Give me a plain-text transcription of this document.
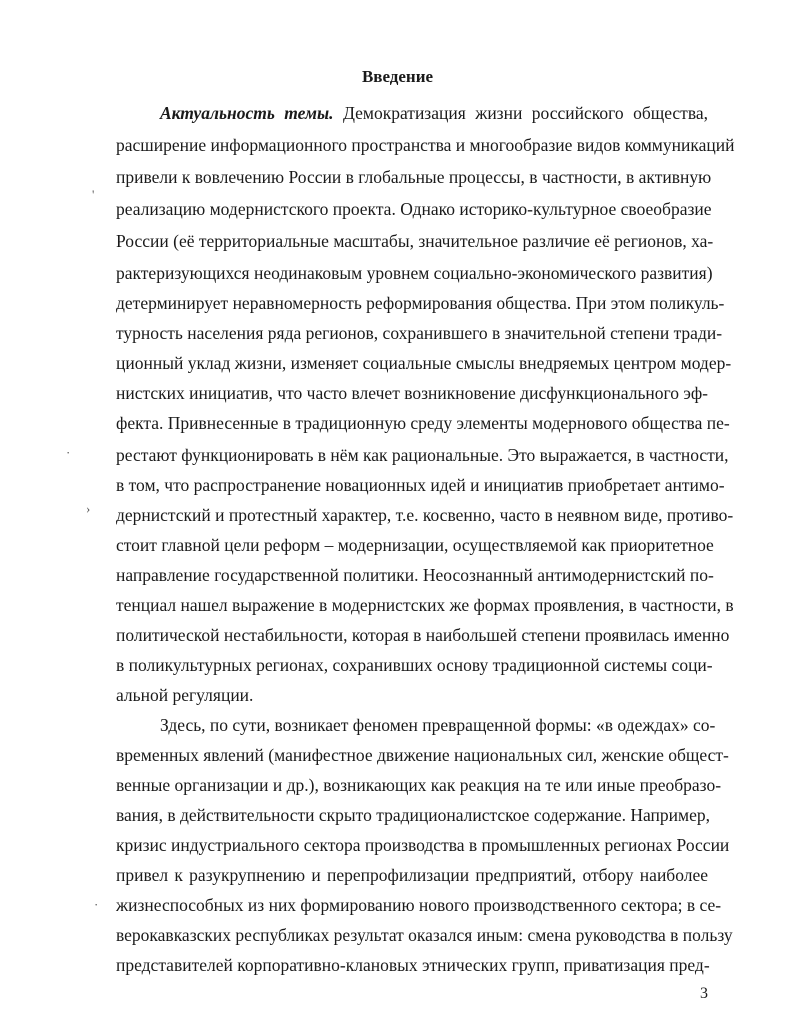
Введение
Актуальность темы. Демократизация жизни российского общества,
расширение информационного пространства и многообразие видов коммуникаций
привели к вовлечению России в глобальные процессы, в частности, в активную
реализацию модернистского проекта. Однако историко-культурное своеобразие
России (её территориальные масштабы, значительное различие её регионов, ха-
рактеризующихся неодинаковым уровнем социально-экономического развития)
детерминирует неравномерность реформирования общества. При этом поликуль-
турность населения ряда регионов, сохранившего в значительной степени тради-
ционный уклад жизни, изменяет социальные смыслы внедряемых центром модер-
нистских инициатив, что часто влечет возникновение дисфункционального эф-
фекта. Привнесенные в традиционную среду элементы модернового общества пе-
рестают функционировать в нём как рациональные. Это выражается, в частности,
в том, что распространение новационных идей и инициатив приобретает антимо-
дернистский и протестный характер, т.е. косвенно, часто в неявном виде, противо-
стоит главной цели реформ – модернизации, осуществляемой как приоритетное
направление государственной политики. Неосознанный антимодернистский по-
тенциал нашел выражение в модернистских же формах проявления, в частности, в
политической нестабильности, которая в наибольшей степени проявилась именно
в поликультурных регионах, сохранивших основу традиционной системы соци-
альной регуляции.
Здесь, по сути, возникает феномен превращенной формы: «в одеждах» со-
временных явлений (манифестное движение национальных сил, женские общест-
венные организации и др.), возникающих как реакция на те или иные преобразо-
вания, в действительности скрыто традиционалистское содержание. Например,
кризис индустриального сектора производства в промышленных регионах России
привел к разукрупнению и перепрофилизации предприятий, отбору наиболее
жизнеспособных из них формированию нового производственного сектора; в се-
верокавказских республиках результат оказался иным: смена руководства в пользу
представителей корпоративно-клановых этнических групп, приватизация пред-
3
'
·
›
·
